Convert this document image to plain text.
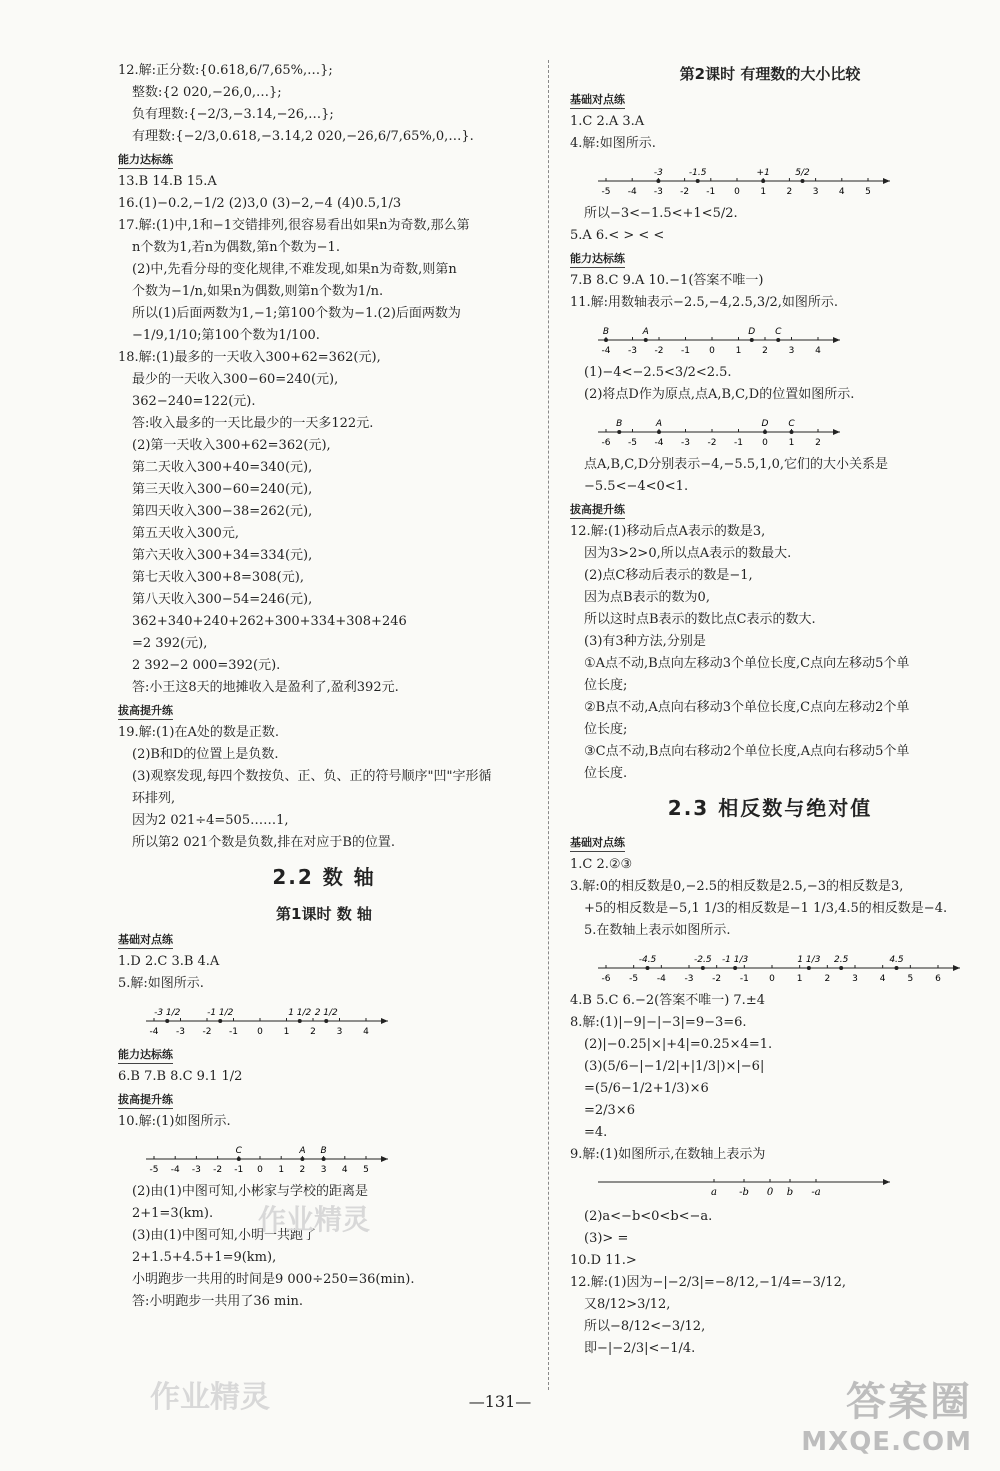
12.解:正分数:{0.618,6/7,65%,…};
整数:{2 020,−26,0,…};
负有理数:{−2/3,−3.14,−26,…};
有理数:{−2/3,0.618,−3.14,2 020,−26,6/7,65%,0,…}.
能力达标练
13.B 14.B 15.A
16.(1)−0.2,−1/2 (2)3,0 (3)−2,−4 (4)0.5,1/3
17.解:(1)中,1和−1交错排列,很容易看出如果n为奇数,那么第
n个数为1,若n为偶数,第n个数为−1.
(2)中,先看分母的变化规律,不难发现,如果n为奇数,则第n
个数为−1/n,如果n为偶数,则第n个数为1/n.
所以(1)后面两数为1,−1;第100个数为−1.(2)后面两数为
−1/9,1/10;第100个数为1/100.
18.解:(1)最多的一天收入300+62=362(元),
最少的一天收入300−60=240(元),
362−240=122(元).
答:收入最多的一天比最少的一天多122元.
(2)第一天收入300+62=362(元),
第二天收入300+40=340(元),
第三天收入300−60=240(元),
第四天收入300−38=262(元),
第五天收入300元,
第六天收入300+34=334(元),
第七天收入300+8=308(元),
第八天收入300−54=246(元),
362+340+240+262+300+334+308+246
=2 392(元),
2 392−2 000=392(元).
答:小王这8天的地摊收入是盈利了,盈利392元.
拔高提升练
19.解:(1)在A处的数是正数.
(2)B和D的位置上是负数.
(3)观察发现,每四个数按负、正、负、正的符号顺序"凹"字形循
环排列,
因为2 021÷4=505……1,
所以第2 021个数是负数,排在对应于B的位置.
2.2 数 轴
第1课时 数 轴
基础对点练
1.D 2.C 3.B 4.A
5.解:如图所示.
-4 -3 -2 -1 0 1 2 3 4
-3 1/2	-1 1/2	1 1/2 2 1/2
能力达标练
6.B 7.B 8.C 9.1 1/2
拔高提升练
10.解:(1)如图所示.
-5 -4 -3 -2 -1 0 1 2 3 4 5
C	A B
(2)由(1)中图可知,小彬家与学校的距离是
2+1=3(km).
(3)由(1)中图可知,小明一共跑了
2+1.5+4.5+1=9(km),
小明跑步一共用的时间是9 000÷250=36(min).
答:小明跑步一共用了36 min.
第2课时 有理数的大小比较
基础对点练
1.C 2.A 3.A
4.解:如图所示.
-5 -4 -3 -2 -1 0 1 2 3 4 5
-3	-1.5	+1	5/2
所以−3<−1.5<+1<5/2.
5.A 6.< > < <
能力达标练
7.B 8.C 9.A 10.−1(答案不唯一)
11.解:用数轴表示−2.5,−4,2.5,3/2,如图所示.
-4 -3 -2 -1 0 1 2 3 4
B	A	D C
(1)−4<−2.5<3/2<2.5.
(2)将点D作为原点,点A,B,C,D的位置如图所示.
-6 -5 -4 -3 -2 -1 0 1 2
B	A	D C
点A,B,C,D分别表示−4,−5.5,1,0,它们的大小关系是
−5.5<−4<0<1.
拔高提升练
12.解:(1)移动后点A表示的数是3,
因为3>2>0,所以点A表示的数最大.
(2)点C移动后表示的数是−1,
因为点B表示的数为0,
所以这时点B表示的数比点C表示的数大.
(3)有3种方法,分别是
①A点不动,B点向左移动3个单位长度,C点向左移动5个单
位长度;
②B点不动,A点向右移动3个单位长度,C点向左移动2个单
位长度;
③C点不动,B点向右移动2个单位长度,A点向右移动5个单
位长度.
2.3 相反数与绝对值
基础对点练
1.C 2.②③
3.解:0的相反数是0,−2.5的相反数是2.5,−3的相反数是3,
+5的相反数是−5,1 1/3的相反数是−1 1/3,4.5的相反数是−4.
5.在数轴上表示如图所示.
-6 -5 -4 -3 -2 -1 0 1 2 3 4 5 6
-4.5	-2.5 -1 1/3	1 1/3 2.5	4.5
4.B 5.C 6.−2(答案不唯一) 7.±4
8.解:(1)|−9|−|−3|=9−3=6.
(2)|−0.25|×|+4|=0.25×4=1.
(3)(5/6−|−1/2|+|1/3|)×|−6|
=(5/6−1/2+1/3)×6
=2/3×6
=4.
9.解:(1)如图所示,在数轴上表示为
a -b 0 b -a
(2)a<−b<0<b<−a.
(3)> =
10.D 11.>
12.解:(1)因为−|−2/3|=−8/12,−1/4=−3/12,
又8/12>3/12,
所以−8/12<−3/12,
即−|−2/3|<−1/4.
—131—
作业精灵
作业精灵	答案圈
MXQE.COM
